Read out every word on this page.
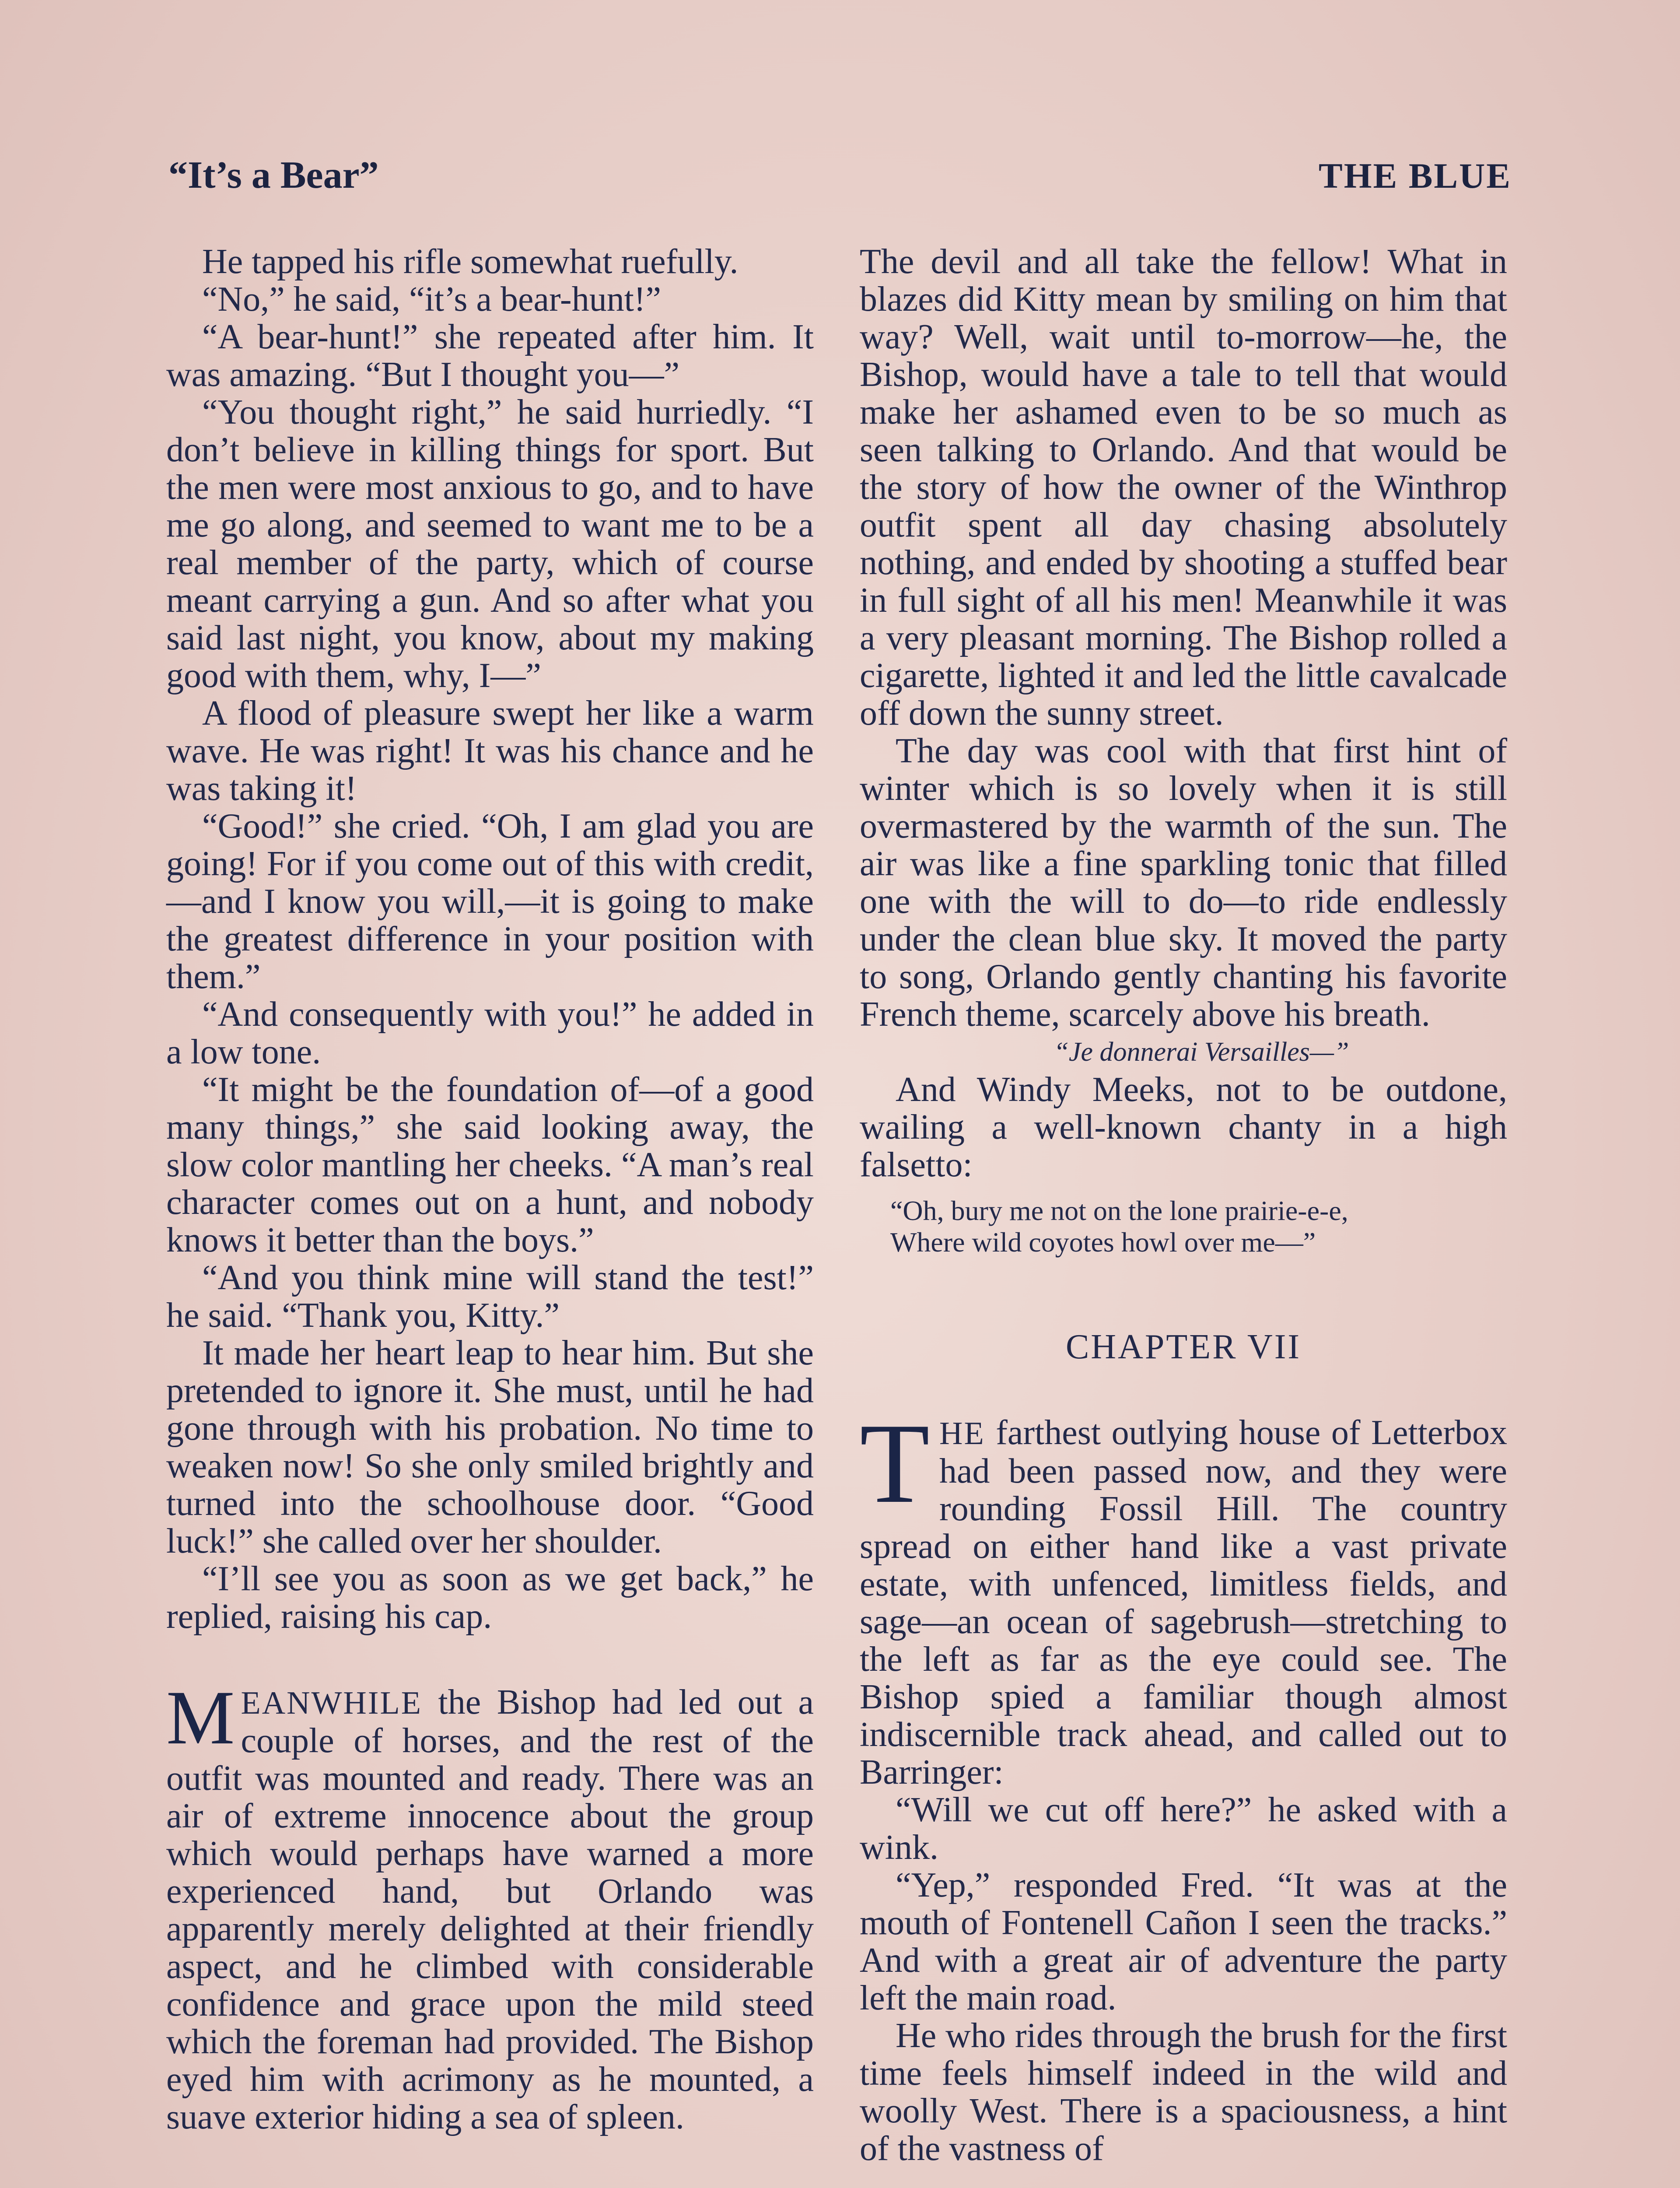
“It’s a Bear”	THE BLUE

He tapped his rifle somewhat ruefully.

“No,” he said, “it’s a bear-hunt!”

“A bear-hunt!” she repeated after him. It was amazing. “But I thought you—”

“You thought right,” he said hurriedly. “I don’t believe in killing things for sport. But the men were most anxious to go, and to have me go along, and seemed to want me to be a real member of the party, which of course meant carrying a gun. And so after what you said last night, you know, about my making good with them, why, I—”

A flood of pleasure swept her like a warm wave. He was right! It was his chance and he was taking it!

“Good!” she cried. “Oh, I am glad you are going! For if you come out of this with credit,—and I know you will,—it is going to make the greatest difference in your position with them.”

“And consequently with you!” he added in a low tone.

“It might be the foundation of—of a good many things,” she said looking away, the slow color mantling her cheeks. “A man’s real character comes out on a hunt, and nobody knows it better than the boys.”

“And you think mine will stand the test!” he said. “Thank you, Kitty.”

It made her heart leap to hear him. But she pretended to ignore it. She must, until he had gone through with his probation. No time to weaken now! So she only smiled brightly and turned into the schoolhouse door. “Good luck!” she called over her shoulder.

“I’ll see you as soon as we get back,” he replied, raising his cap.

MEANWHILE the Bishop had led out a couple of horses, and the rest of the outfit was mounted and ready. There was an air of extreme innocence about the group which would perhaps have warned a more experienced hand, but Orlando was apparently merely delighted at their friendly aspect, and he climbed with considerable confidence and grace upon the mild steed which the foreman had provided. The Bishop eyed him with acrimony as he mounted, a suave exterior hiding a sea of spleen.

The devil and all take the fellow! What in blazes did Kitty mean by smiling on him that way? Well, wait until to-morrow—he, the Bishop, would have a tale to tell that would make her ashamed even to be so much as seen talking to Orlando. And that would be the story of how the owner of the Winthrop outfit spent all day chasing absolutely nothing, and ended by shooting a stuffed bear in full sight of all his men! Meanwhile it was a very pleasant morning. The Bishop rolled a cigarette, lighted it and led the little cavalcade off down the sunny street.

The day was cool with that first hint of winter which is so lovely when it is still overmastered by the warmth of the sun. The air was like a fine sparkling tonic that filled one with the will to do—to ride endlessly under the clean blue sky. It moved the party to song, Orlando gently chanting his favorite French theme, scarcely above his breath.

“Je donnerai Versailles—”

And Windy Meeks, not to be outdone, wailing a well-known chanty in a high falsetto:

“Oh, bury me not on the lone prairie-e-e,
Where wild coyotes howl over me—”
CHAPTER VII

THE farthest outlying house of Letterbox had been passed now, and they were rounding Fossil Hill. The country spread on either hand like a vast private estate, with unfenced, limitless fields, and sage—an ocean of sagebrush—stretching to the left as far as the eye could see. The Bishop spied a familiar though almost indiscernible track ahead, and called out to Barringer:

“Will we cut off here?” he asked with a wink.

“Yep,” responded Fred. “It was at the mouth of Fontenell Cañon I seen the tracks.” And with a great air of adventure the party left the main road.

He who rides through the brush for the first time feels himself indeed in the wild and woolly West. There is a spaciousness, a hint of the vastness of
